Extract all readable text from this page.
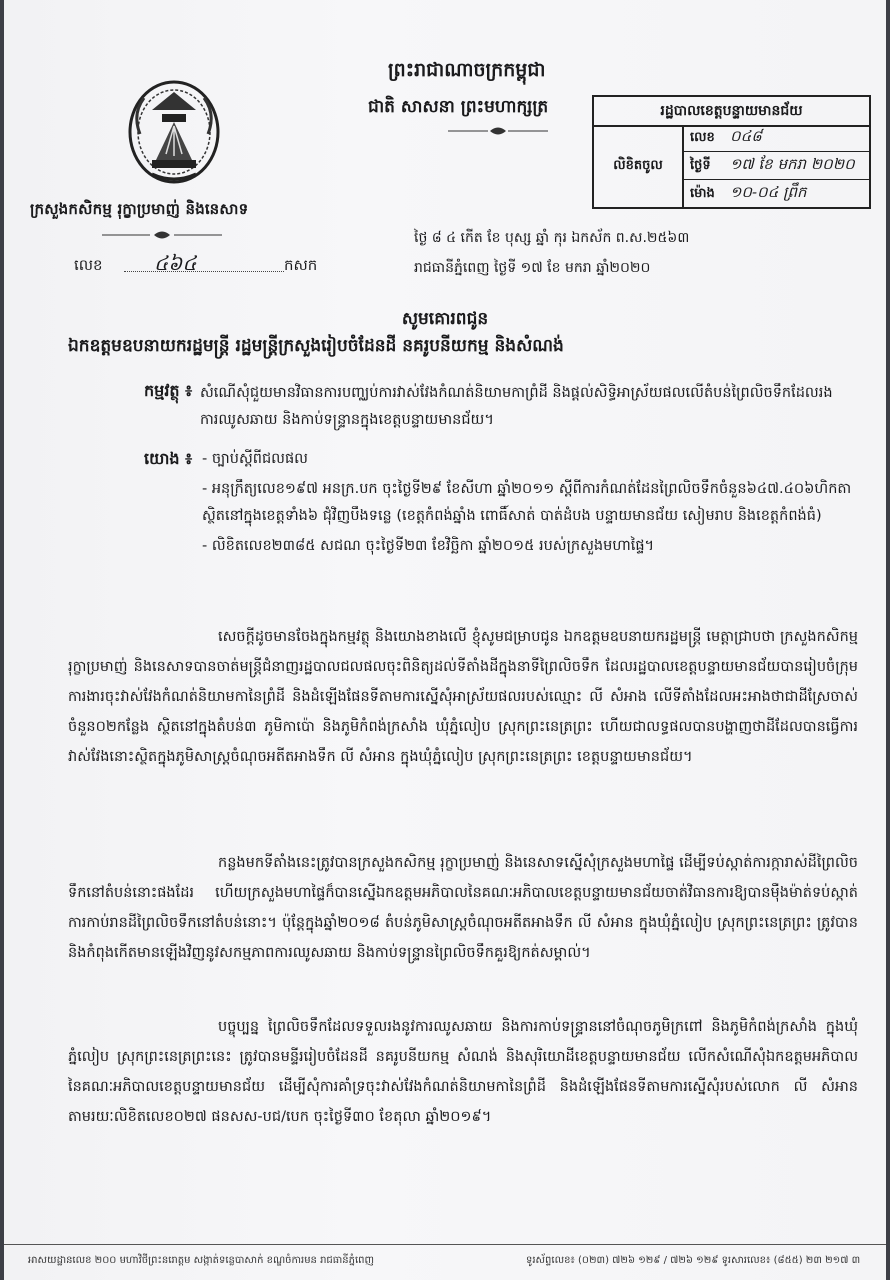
ក្រសួងកសិកម្ម រុក្ខាប្រមាញ់ និងនេសាទ
លេខ	៤៦៤	កសក
ព្រះរាជាណាចក្រកម្ពុជា
ជាតិ សាសនា ព្រះមហាក្សត្រ	រដ្ឋបាលខេត្តបន្ទាយមានជ័យ
លិខិតចូល
លេខ	០៤៨
ថ្ងៃទី	១៧ ខែ មករា ២០២០
ម៉ោង	១០-០៤ ព្រឹក
ថ្ងៃ ៨ ៤ កើត ខែ បុស្ស ឆ្នាំ កុរ ឯកស័ក ព.ស.២៥៦៣
រាជធានីភ្នំពេញ ថ្ងៃទី ១៧ ខែ មករា ឆ្នាំ២០២០
សូមគោរពជូន
ឯកឧត្តមឧបនាយករដ្ឋមន្ត្រី រដ្ឋមន្ត្រីក្រសួងរៀបចំដែនដី នគរូបនីយកម្ម និងសំណង់
កម្មវត្ថុ ៖ សំណើសុំជួយមានវិធានការបញ្ឈប់ការវាស់វែងកំណត់និយាមកាព្រំដី និងផ្តល់សិទ្ធិអាស្រ័យផលលើតំបន់ព្រៃលិចទឹកដែលរងការឈូសឆាយ និងកាប់ទន្ទ្រានក្នុងខេត្តបន្ទាយមានជ័យ។
យោង ៖ - ច្បាប់ស្តីពីជលផល
- អនុក្រឹត្យលេខ១៩៧ អនក្រ.បក ចុះថ្ងៃទី២៩ ខែសីហា ឆ្នាំ២០១១ ស្តីពីការកំណត់ដែនព្រៃលិចទឹកចំនួន៦៤៧.៤០៦ហិកតា ស្ថិតនៅក្នុងខេត្តទាំង៦ ជុំវិញបឹងទន្លេ (ខេត្តកំពង់ឆ្នាំង ពោធិ៍សាត់ បាត់ដំបង បន្ទាយមានជ័យ សៀមរាប និងខេត្តកំពង់ធំ)
- លិខិតលេខ២៣៨៥ សជណ ចុះថ្ងៃទី២៣ ខែវិច្ឆិកា ឆ្នាំ២០១៥ របស់ក្រសួងមហាផ្ទៃ។
សេចក្តីដូចមានចែងក្នុងកម្មវត្ថុ និងយោងខាងលើ ខ្ញុំសូមជម្រាបជូន ឯកឧត្តមឧបនាយករដ្ឋមន្ត្រី មេត្តាជ្រាបថា ក្រសួងកសិកម្ម រុក្ខាប្រមាញ់ និងនេសាទបានចាត់មន្ត្រីជំនាញរដ្ឋបាលជលផលចុះពិនិត្យដល់ទីតាំងដីក្នុងនាទីព្រៃលិចទឹក ដែលរដ្ឋបាលខេត្តបន្ទាយមានជ័យបានរៀបចំក្រុមការងារចុះវាស់វែងកំណត់និយាមកានៃព្រំដី និងដំឡើងផែនទីតាមការស្នើសុំអាស្រ័យផលរបស់ឈ្មោះ លី សំអាង លើទីតាំងដែលអះអាងថាជាដីស្រែចាស់ចំនួន០២កន្លែង ស្ថិតនៅក្នុងតំបន់៣ ភូមិកាប៉ោ និងភូមិកំពង់ក្រសាំង ឃុំភ្នំលៀប ស្រុកព្រះនេត្រព្រះ ហើយជាលទ្ធផលបានបង្ហាញថាដីដែលបានធ្វើការវាស់វែងនោះស្ថិតក្នុងភូមិសាស្ត្រចំណុចអតីតអាងទឹក លី សំអាន ក្នុងឃុំភ្នំលៀប ស្រុកព្រះនេត្រព្រះ ខេត្តបន្ទាយមានជ័យ។
កន្លងមកទីតាំងនេះត្រូវបានក្រសួងកសិកម្ម រុក្ខាប្រមាញ់ និងនេសាទស្នើសុំក្រសួងមហាផ្ទៃ ដើម្បីទប់ស្កាត់ការក្ការាស់ដីព្រៃលិចទឹកនៅតំបន់នោះផងដែរ ហើយក្រសួងមហាផ្ទៃក៏បានស្នើឯកឧត្តមអភិបាលនៃគណៈអភិបាលខេត្តបន្ទាយមានជ័យចាត់វិធានការឱ្យបានម៉ឺងម៉ាត់ទប់ស្កាត់ការកាប់រានដីព្រៃលិចទឹកនៅតំបន់នោះ។ ប៉ុន្តែក្នុងឆ្នាំ២០១៨ តំបន់ភូមិសាស្ត្រចំណុចអតីតអាងទឹក លី សំអាន ក្នុងឃុំភ្នំលៀប ស្រុកព្រះនេត្រព្រះ ត្រូវបាននិងកំពុងកើតមានឡើងវិញនូវសកម្មភាពការឈូសឆាយ និងកាប់ទន្ទ្រានព្រៃលិចទឹកគួរឱ្យកត់សម្គាល់។
បច្ចុប្បន្ន ព្រៃលិចទឹកដែលទទួលរងនូវការឈូសឆាយ និងការកាប់ទន្ទ្រាននៅចំណុចភូមិក្រពៅ និងភូមិកំពង់ក្រសាំង ក្នុងឃុំភ្នំលៀប ស្រុកព្រះនេត្រព្រះនេះ ត្រូវបានមន្ទីររៀបចំដែនដី នគរូបនីយកម្ម សំណង់ និងសុរិយោដីខេត្តបន្ទាយមានជ័យ លើកសំណើសុំឯកឧត្តមអភិបាលនៃគណៈអភិបាលខេត្តបន្ទាយមានជ័យ ដើម្បីសុំការគាំទ្រចុះវាស់វែងកំណត់និយាមកានៃព្រំដី និងដំឡើងផែនទីតាមការស្នើសុំរបស់លោក លី សំអាន តាមរយៈលិខិតលេខ០២៧ ផនសស-បជ/បេក ចុះថ្ងៃទី៣០ ខែតុលា ឆ្នាំ២០១៩។
អាសយដ្ឋានលេខ ២០០ មហាវិថីព្រះនរោត្តម សង្កាត់ទន្លេបាសាក់ ខណ្ឌចំការមន រាជធានីភ្នំពេញ	ទូរស័ព្ទលេខ៖ (០២៣) ៧២៦ ១២៩ / ៧២៦ ១២៩ ទូរសារលេខ៖ (៨៥៥) ២៣ ២១៧ ៣
